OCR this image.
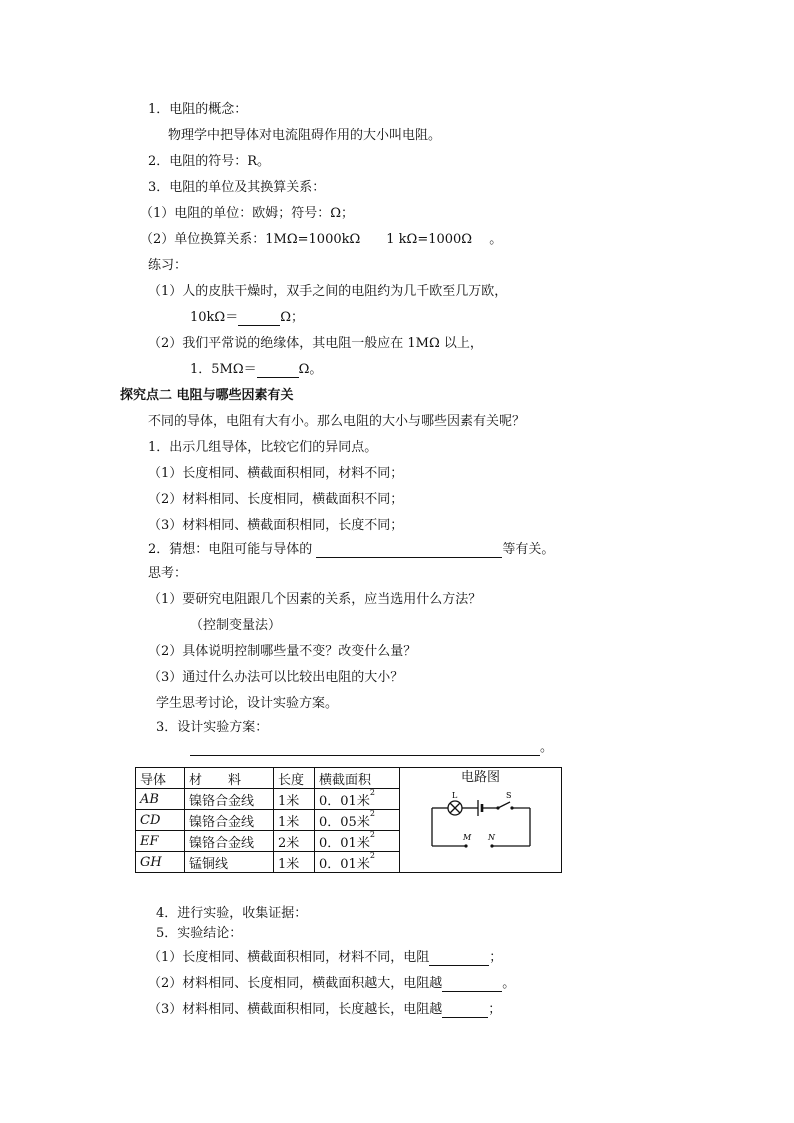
1．电阻的概念：
物理学中把导体对电流阻碍作用的大小叫电阻。
2．电阻的符号：R。
3．电阻的单位及其换算关系：
（1）电阻的单位：欧姆；符号：Ω；
（2）单位换算关系：1MΩ=1000kΩ　　1 kΩ=1000Ω　 。
练习：
（1）人的皮肤干燥时，双手之间的电阻约为几千欧至几万欧，
10kΩ＝	Ω；
（2）我们平常说的绝缘体，其电阻一般应在 1MΩ 以上，
1．5MΩ＝	Ω。
探究点二 电阻与哪些因素有关
不同的导体，电阻有大有小。那么电阻的大小与哪些因素有关呢？
1．出示几组导体，比较它们的异同点。
（1）长度相同、横截面积相同，材料不同；
（2）材料相同、长度相同，横截面积不同；
（3）材料相同、横截面积相同，长度不同；
2．猜想：电阻可能与导体的	等有关。
思考：
（1）要研究电阻跟几个因素的关系，应当选用什么方法？
（控制变量法）
（2）具体说明控制哪些量不变？改变什么量？
（3）通过什么办法可以比较出电阻的大小？
学生思考讨论，设计实验方案。
3．设计实验方案：
。
导体	材　　料	长度	横截面积	电路图
L S
M N

AB	镍铬合金线	1米	0．01米$^2$
CD	镍铬合金线	1米	0．05米$^2$
EF	镍铬合金线	2米	0．01米$^2$
GH	锰铜线	1米	0．01米$^2$
4．进行实验，收集证据：
5．实验结论：
（1）长度相同、横截面积相同，材料不同，电阻	；
（2）材料相同、长度相同，横截面积越大，电阻越	。
（3）材料相同、横截面积相同，长度越长，电阻越	；
